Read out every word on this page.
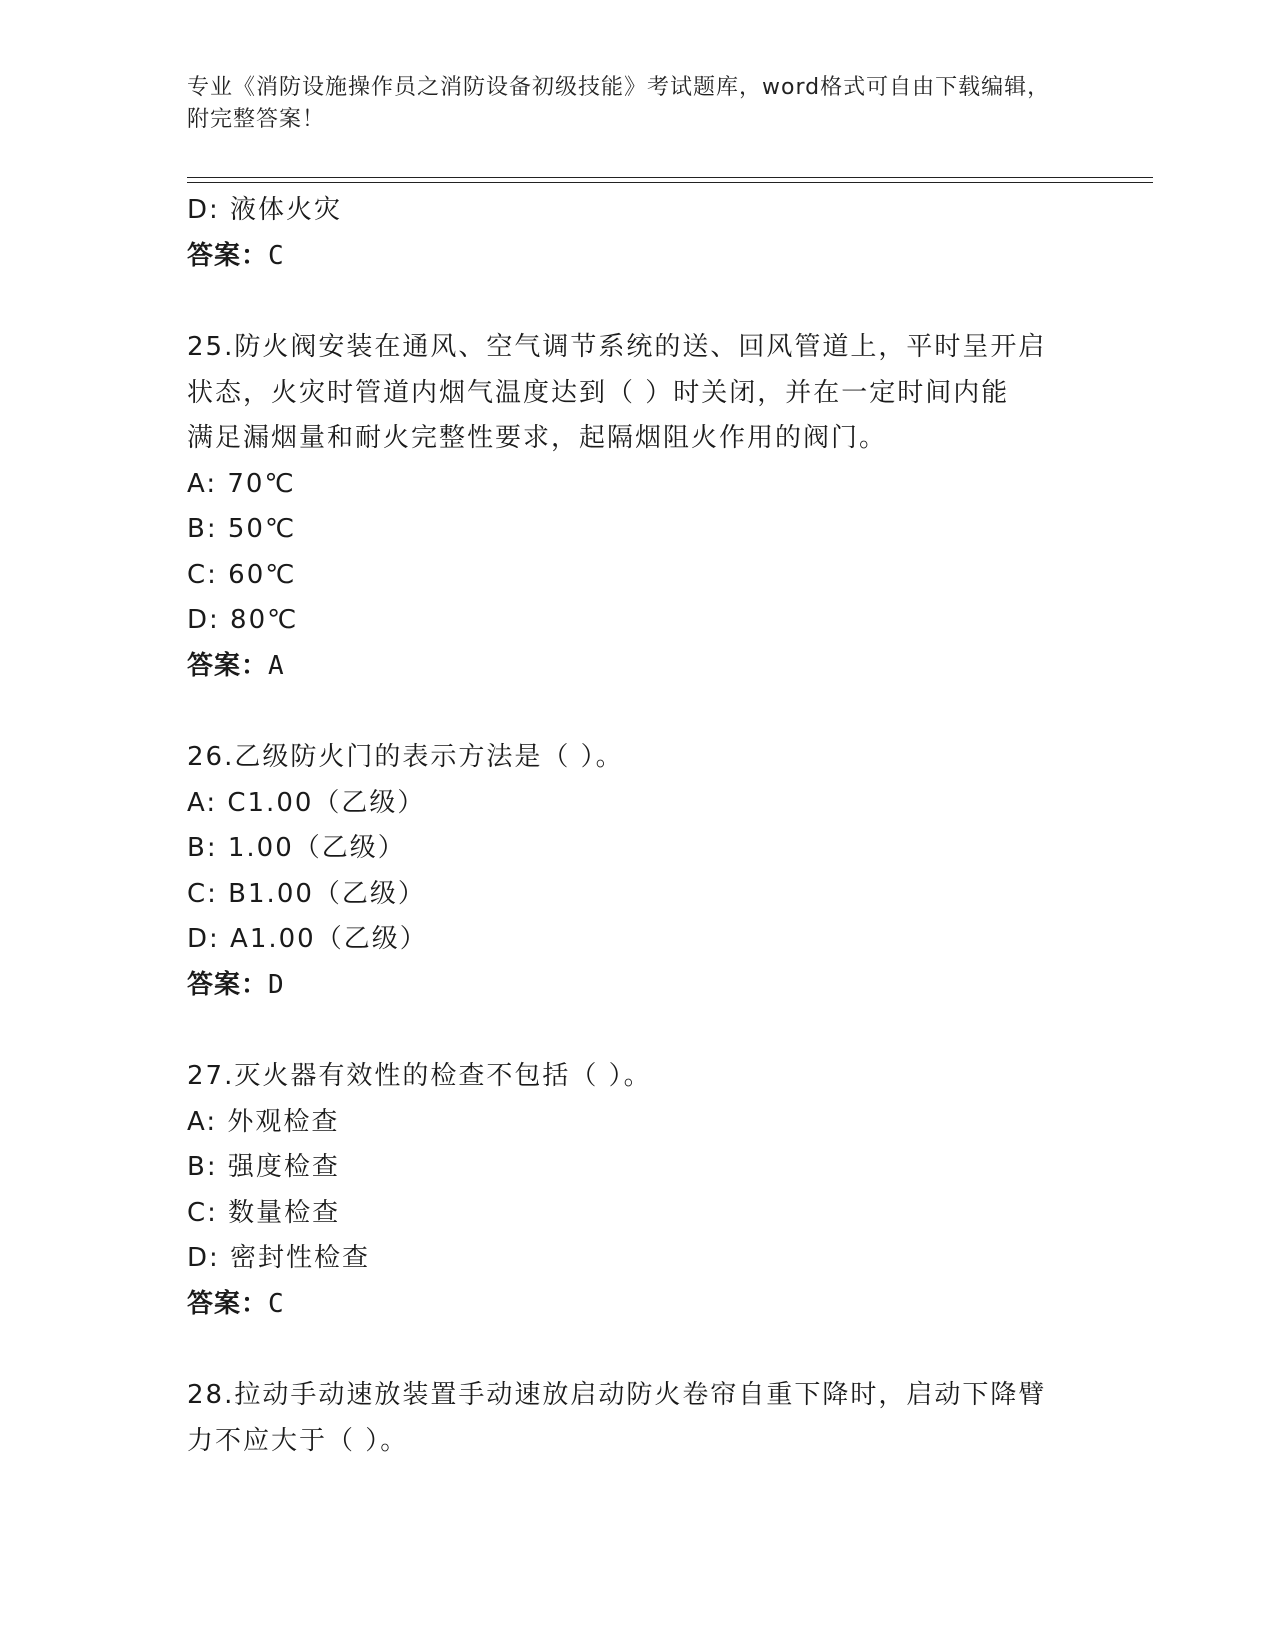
专业《消防设施操作员之消防设备初级技能》考试题库，word格式可自由下载编辑，附完整答案！
D: 液体火灾
答案：C
25.防火阀安装在通风、空气调节系统的送、回风管道上，平时呈开启
状态，火灾时管道内烟气温度达到（ ）时关闭，并在一定时间内能
满足漏烟量和耐火完整性要求，起隔烟阻火作用的阀门。
A: 70℃
B: 50℃
C: 60℃
D: 80℃
答案：A
26.乙级防火门的表示方法是（ ）。
A: C1.00（乙级）
B: 1.00（乙级）
C: B1.00（乙级）
D: A1.00（乙级）
答案：D
27.灭火器有效性的检查不包括（ ）。
A: 外观检查
B: 强度检查
C: 数量检查
D: 密封性检查
答案：C
28.拉动手动速放装置手动速放启动防火卷帘自重下降时，启动下降臂
力不应大于（ ）。
